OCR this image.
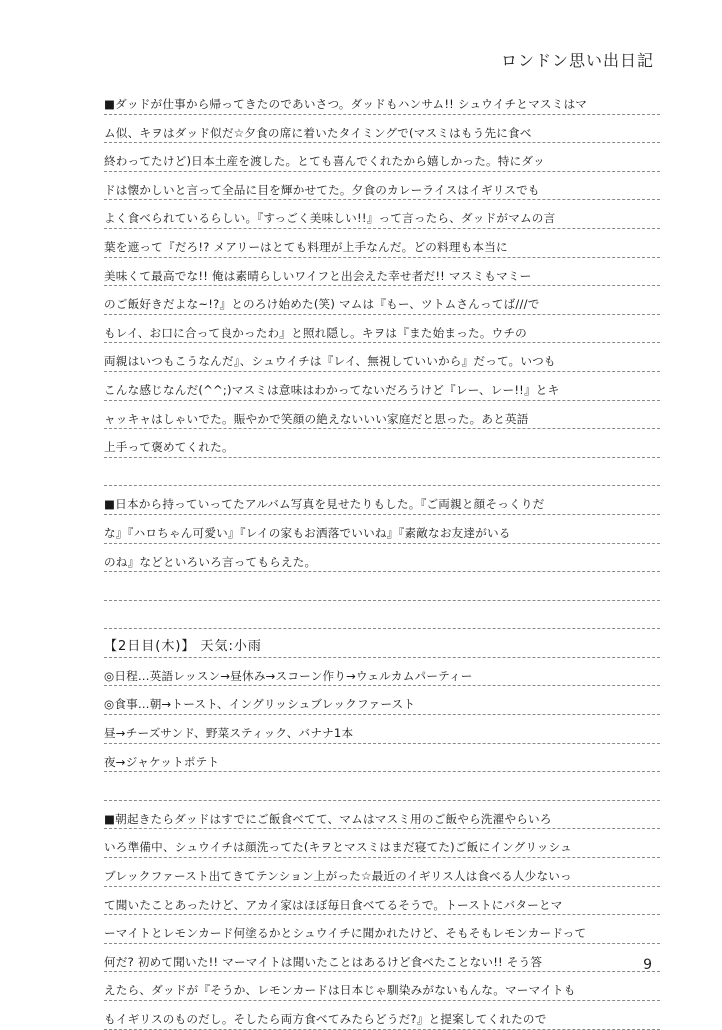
ロンドン思い出日記
■ダッドが仕事から帰ってきたのであいさつ。ダッドもハンサム!! シュウイチとマスミはマ
ム似、キヲはダッド似だ☆夕食の席に着いたタイミングで(マスミはもう先に食べ
終わってたけど)日本土産を渡した。とても喜んでくれたから嬉しかった。特にダッ
ドは懐かしいと言って全品に目を輝かせてた。夕食のカレーライスはイギリスでも
よく食べられているらしい。『すっごく美味しい!!』って言ったら、ダッドがマムの言
葉を遮って『だろ!? メアリーはとても料理が上手なんだ。どの料理も本当に
美味くて最高でな!! 俺は素晴らしいワイフと出会えた幸せ者だ!! マスミもマミー
のご飯好きだよな~!?』とのろけ始めた(笑) マムは『もー、ツトムさんってば///で
もレイ、お口に合って良かったわ』と照れ隠し。キヲは『また始まった。ウチの
両親はいつもこうなんだ』、シュウイチは『レイ、無視していいから』だって。いつも
こんな感じなんだ(^^;)マスミは意味はわかってないだろうけど『レー、レー!!』とキ
ャッキャはしゃいでた。賑やかで笑顔の絶えないいい家庭だと思った。あと英語
上手って褒めてくれた。
■日本から持っていってたアルバム写真を見せたりもした。『ご両親と顔そっくりだ
な』『ハロちゃん可愛い』『レイの家もお洒落でいいね』『素敵なお友達がいる
のね』などといろいろ言ってもらえた。
【2日目(木)】 天気:小雨
◎日程…英語レッスン→昼休み→スコーン作り→ウェルカムパーティー
◎食事…朝→トースト、イングリッシュブレックファースト
昼→チーズサンド、野菜スティック、バナナ1本
夜→ジャケットポテト
■朝起きたらダッドはすでにご飯食べてて、マムはマスミ用のご飯やら洗濯やらいろ
いろ準備中、シュウイチは顔洗ってた(キヲとマスミはまだ寝てた)ご飯にイングリッシュ
ブレックファースト出てきてテンション上がった☆最近のイギリス人は食べる人少ないっ
て聞いたことあったけど、アカイ家はほぼ毎日食べてるそうで。トーストにバターとマ
ーマイトとレモンカード何塗るかとシュウイチに聞かれたけど、そもそもレモンカードって
何だ? 初めて聞いた!! マーマイトは聞いたことはあるけど食べたことない!! そう答
えたら、ダッドが『そうか、レモンカードは日本じゃ馴染みがないもんな。マーマイトも
もイギリスのものだし。そしたら両方食べてみたらどうだ?』と提案してくれたので
9
